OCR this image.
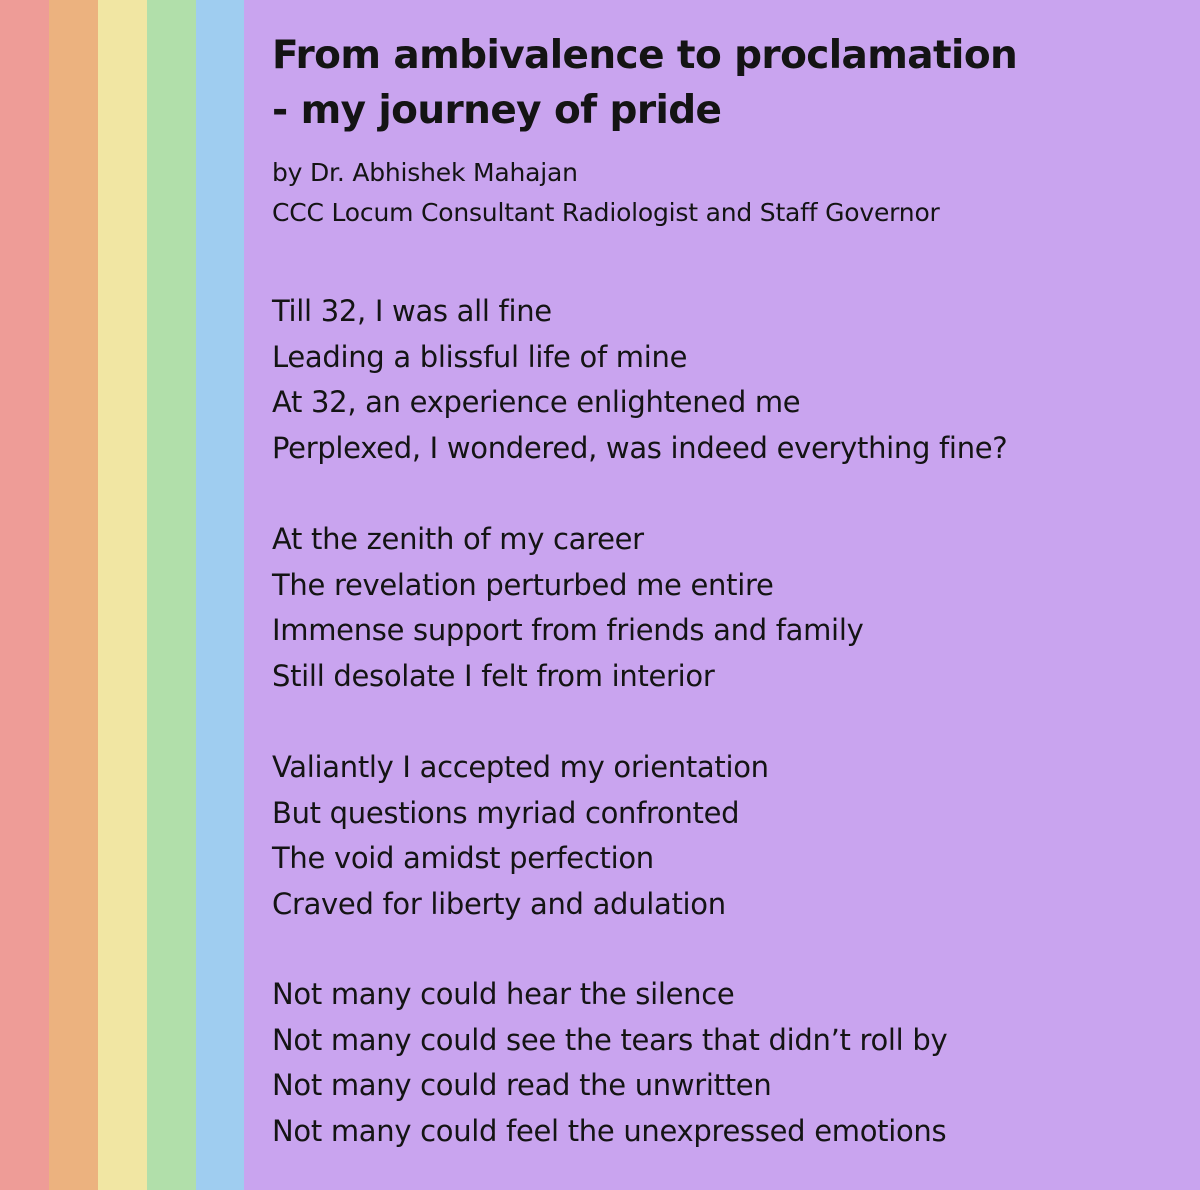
From ambivalence to proclamation
- my journey of pride
by Dr. Abhishek Mahajan
CCC Locum Consultant Radiologist and Staff Governor
Till 32, I was all fine
Leading a blissful life of mine
At 32, an experience enlightened me
Perplexed, I wondered, was indeed everything fine?
At the zenith of my career
The revelation perturbed me entire
Immense support from friends and family
Still desolate I felt from interior
Valiantly I accepted my orientation
But questions myriad confronted
The void amidst perfection
Craved for liberty and adulation
Not many could hear the silence
Not many could see the tears that didn’t roll by
Not many could read the unwritten
Not many could feel the unexpressed emotions
